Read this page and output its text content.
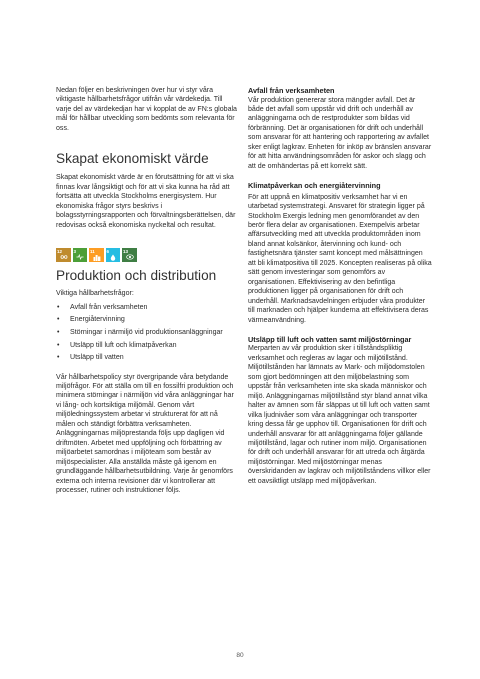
Nedan följer en beskrivningen över hur vi styr våra viktigaste hållbarhetsfrågor utifrån vår värdekedja. Till varje del av värdekedjan har vi kopplat de av FN:s globala mål för hållbar utveckling som bedömts som relevanta för oss.

Skapat ekonomiskt värde

Skapat ekonomiskt värde är en förutsättning för att vi ska finnas kvar långsiktigt och för att vi ska kunna ha råd att fortsätta att utveckla Stockholms energisystem. Hur ekonomiska frågor styrs beskrivs i bolagsstyrningsrapporten och förvaltningsberättelsen, där redovisas också ekonomiska nyckeltal och resultat.

12	3	11	6	13
Produktion och distribution

Viktiga hållbarhetsfrågor:

• Avfall från verksamheten
• Energiåtervinning
• Störningar i närmiljö vid produktionsanläggningar
• Utsläpp till luft och klimatpåverkan
• Utsläpp till vatten

Vår hållbarhetspolicy styr övergripande våra betydande miljöfrågor. För att ställa om till en fossilfri produktion och minimera störningar i närmiljön vid våra anläggningar har vi lång- och kortsiktiga miljömål. Genom vårt miljöledningssystem arbetar vi strukturerat för att nå målen och ständigt förbättra verksamheten. Anläggningarnas miljöprestanda följs upp dagligen vid driftmöten. Arbetet med uppföljning och förbättring av miljöarbetet samordnas i miljöteam som består av miljöspecialister. Alla anställda måste gå igenom en grundläggande hållbarhetsutbildning. Varje år genomförs externa och interna revisioner där vi kontrollerar att processer, rutiner och instruktioner följs.

Avfall från verksamheten

Vår produktion genererar stora mängder avfall. Det är både det avfall som uppstår vid drift och underhåll av anläggningarna och de restprodukter som bildas vid förbränning. Det är organisationen för drift och underhåll som ansvarar för att hantering och rapportering av avfallet sker enligt lagkrav. Enheten för inköp av bränslen ansvarar för att hitta användningsområden för askor och slagg och att de omhändertas på ett korrekt sätt.

Klimatpåverkan och energiåtervinning

För att uppnå en klimatpositiv verksamhet har vi en utarbetad systemstrategi. Ansvaret för strategin ligger på Stockholm Exergis ledning men genomförandet av den berör flera delar av organisationen. Exempelvis arbetar affärsutveckling med att utveckla produktområden inom bland annat kolsänkor, återvinning och kund- och fastighetsnära tjänster samt koncept med målsättningen att bli klimatpositiva till 2025. Koncepten realiseras på olika sätt genom investeringar som genomförs av organisationen. Effektivisering av den befintliga produktionen ligger på organisationen för drift och underhåll. Marknadsavdelningen erbjuder våra produkter till marknaden och hjälper kunderna att effektivisera deras värmeanvändning.

Utsläpp till luft och vatten samt miljöstörningar

Merparten av vår produktion sker i tillståndspliktig verksamhet och regleras av lagar och miljötillstånd. Miljötillstånden har lämnats av Mark- och miljödomstolen som gjort bedömningen att den miljöbelastning som uppstår från verksamheten inte ska skada människor och miljö. Anläggningarnas miljötillstånd styr bland annat vilka halter av ämnen som får släppas ut till luft och vatten samt vilka ljudnivåer som våra anläggningar och transporter kring dessa får ge upphov till. Organisationen för drift och underhåll ansvarar för att anläggningarna följer gällande miljötillstånd, lagar och rutiner inom miljö. Organisationen för drift och underhåll ansvarar för att utreda och åtgärda miljöstörningar. Med miljöstörningar menas överskridanden av lagkrav och miljötillståndens villkor eller ett oavsiktligt utsläpp med miljöpåverkan.

80
